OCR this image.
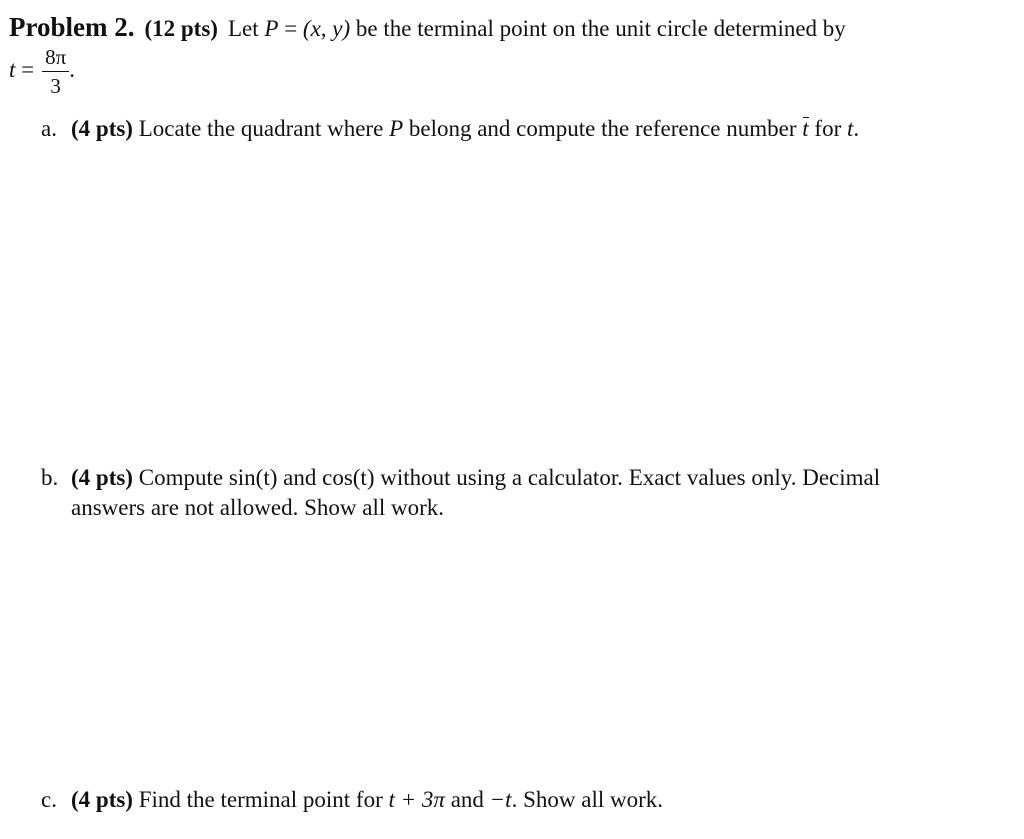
Problem 2. (12 pts) Let P = (x, y) be the terminal point on the unit circle determined by
$t = \frac{8\pi}{3}$ .
a. (4 pts) Locate the quadrant where P belong and compute the reference number t for t.
b. (4 pts) Compute sin(t) and cos(t) without using a calculator. Exact values only. Decimal
answers are not allowed. Show all work.
c. (4 pts) Find the terminal point for t + 3π and −t. Show all work.
